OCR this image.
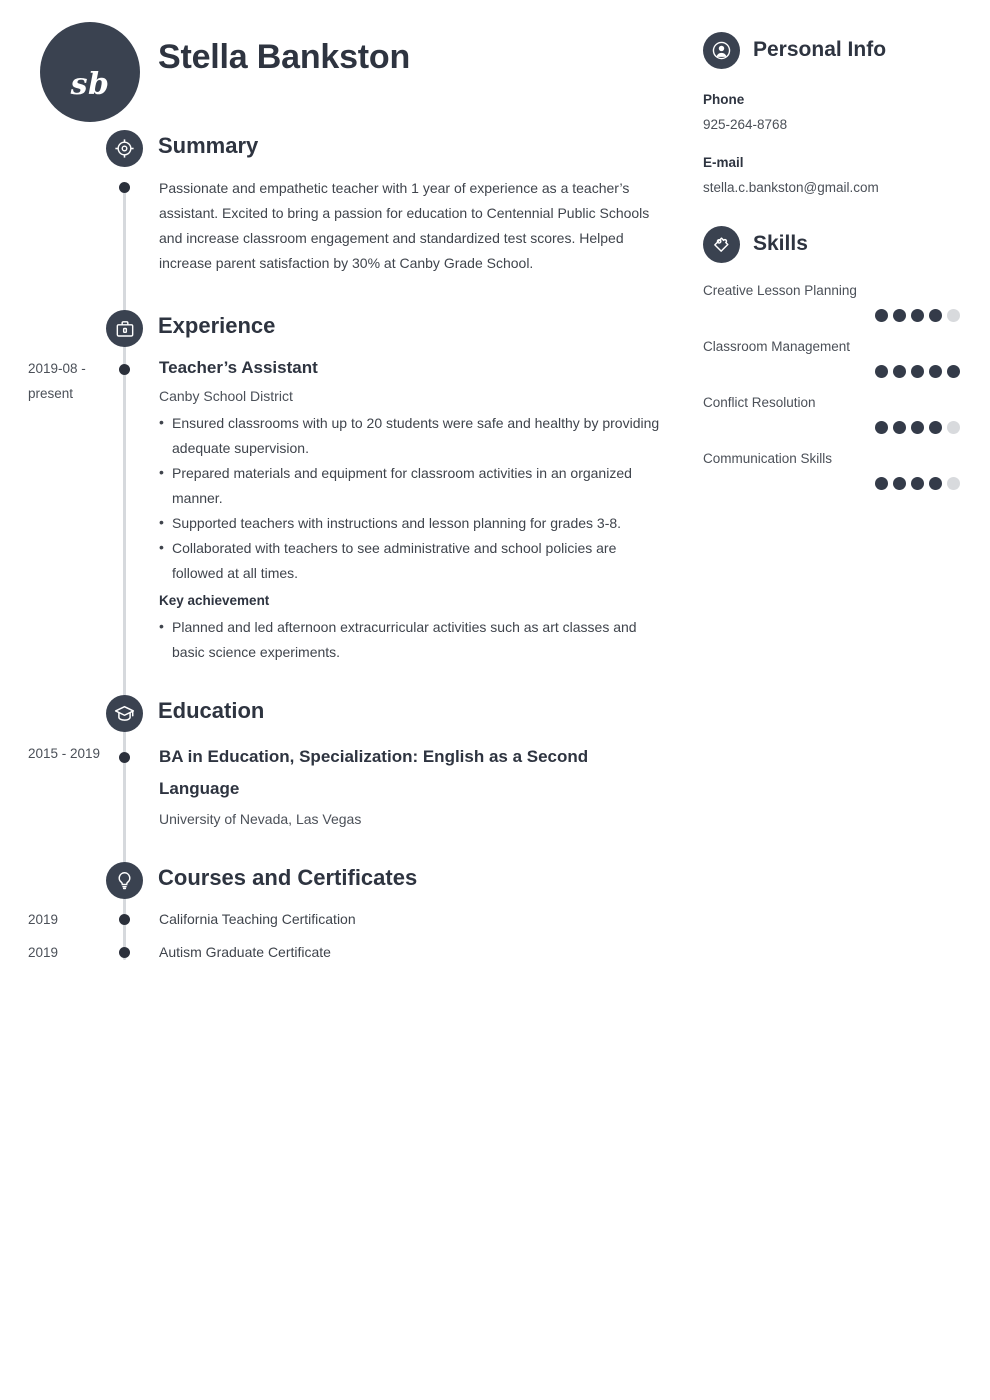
sb
Stella Bankston
Summary
Passionate and empathetic teacher with 1 year of experience as a teacher’s assistant. Excited to bring a passion for education to Centennial Public Schools and increase classroom engagement and standardized test scores. Helped increase parent satisfaction by 30% at Canby Grade School.
Experience
2019-08 - present
Teacher’s Assistant
Canby School District
• Ensured classrooms with up to 20 students were safe and healthy by providing adequate supervision.
• Prepared materials and equipment for classroom activities in an organized manner.
• Supported teachers with instructions and lesson planning for grades 3-8.
• Collaborated with teachers to see administrative and school policies are followed at all times.
Key achievement
• Planned and led afternoon extracurricular activities such as art classes and basic science experiments.
Education
2015 - 2019	BA in Education, Specialization: English as a Second Language
University of Nevada, Las Vegas
Courses and Certificates
2019	California Teaching Certification
2019	Autism Graduate Certificate
Personal Info
Phone
925-264-8768
E-mail
stella.c.bankston@gmail.com
Skills
Creative Lesson Planning
Classroom Management
Conflict Resolution
Communication Skills
